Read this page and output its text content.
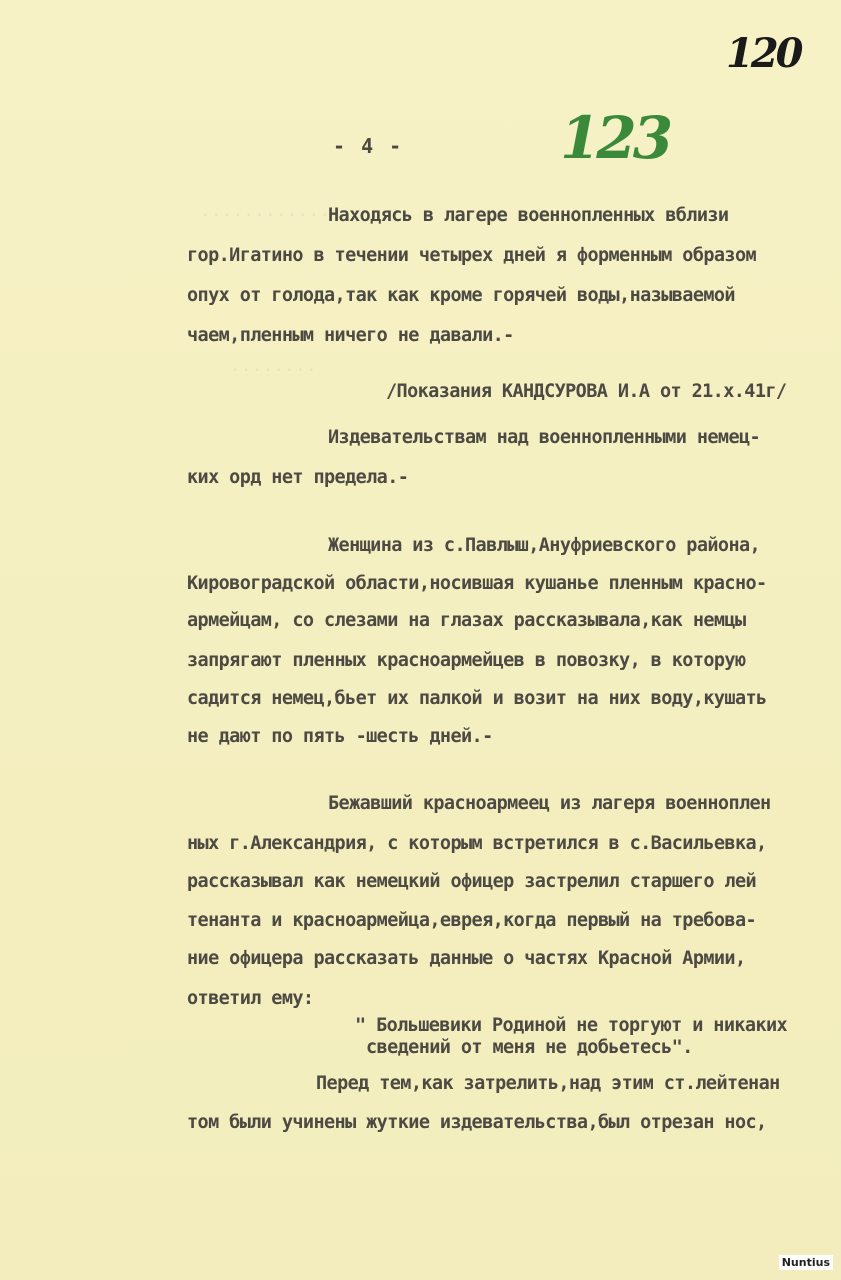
············
········
120
123
- 4 -
Находясь в лагере военнопленных вблизи
гор.Игатино в течении четырех дней я форменным образом
опух от голода,так как кроме горячей воды,называемой
чаем,пленным ничего не давали.-
/Показания КАНДСУРОВА И.А от 21.х.41г/
Издевательствам над военнопленными немец-
ких орд нет предела.-
Женщина из с.Павлыш,Ануфриевского района,
Кировоградской области,носившая кушанье пленным красно-
армейцам, со слезами на глазах рассказывала,как немцы
запрягают пленных красноармейцев в повозку, в которую
садится немец,бьет их палкой и возит на них воду,кушать
не дают по пять -шесть дней.-
Бежавший красноармеец из лагеря военноплен
ных г.Александрия, с которым встретился в с.Васильевка,
рассказывал как немецкий офицер застрелил старшего лей
тенанта и красноармейца,еврея,когда первый на требова-
ние офицера рассказать данные о частях Красной Армии,
ответил ему:
" Большевики Родиной не торгуют и никаких
сведений от меня не добьетесь".
Перед тем,как затрелить,над этим ст.лейтенан
том были учинены жуткие издевательства,был отрезан нос,
Nuntius
